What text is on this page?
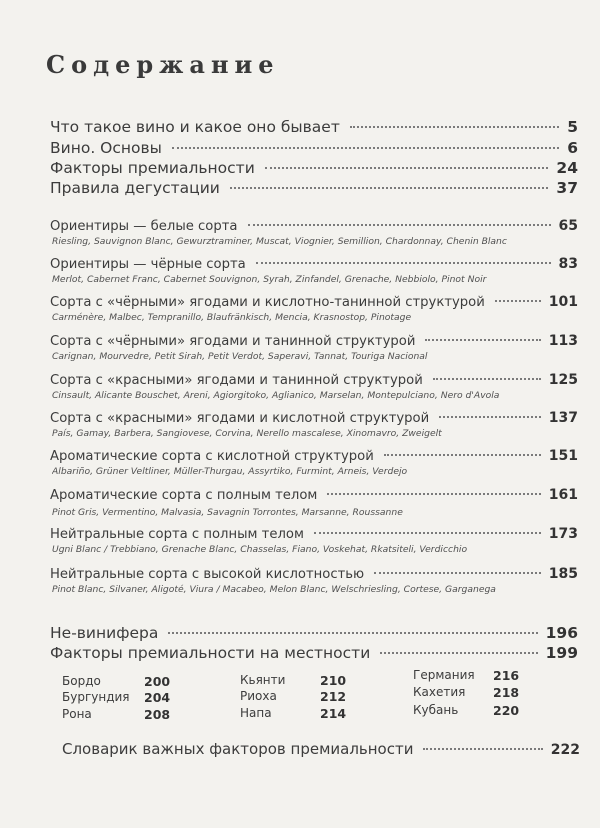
Содержание
Что такое вино и какое оно бывает	5
Вино. Основы	6
Факторы премиальности	24
Правила дегустации	37
Ориентиры — белые сорта	65
Riesling, Sauvignon Blanc, Gewurztraminer, Muscat, Viognier, Semillion, Chardonnay, Chenin Blanc
Ориентиры — чёрные сорта	83
Merlot, Cabernet Franc, Cabernet Souvignon, Syrah, Zinfandel, Grenache, Nebbiolo, Pinot Noir
Сорта с «чёрными» ягодами и кислотно-танинной структурой	101
Carménère, Malbec, Tempranillo, Blaufränkisch, Mencia, Krasnostop, Pinotage
Сорта с «чёрными» ягодами и танинной структурой	113
Carignan, Mourvedre, Petit Sirah, Petit Verdot, Saperavi, Tannat, Touriga Nacional
Сорта с «красными» ягодами и танинной структурой	125
Cinsault, Alicante Bouschet, Areni, Agiorgitoko, Aglianico, Marselan, Montepulciano, Nero d'Avola
Сорта с «красными» ягодами и кислотной структурой	137
País, Gamay, Barbera, Sangiovese, Corvina, Nerello mascalese, Xinomavro, Zweigelt
Ароматические сорта с кислотной структурой	151
Albariño, Grüner Veltliner, Müller-Thurgau, Assyrtiko, Furmint, Arneis, Verdejo
Ароматические сорта с полным телом	161
Pinot Gris, Vermentino, Malvasia, Savagnin Torrontes, Marsanne, Roussanne
Нейтральные сорта с полным телом	173
Ugni Blanc / Trebbiano, Grenache Blanc, Chasselas, Fiano, Voskehat, Rkatsiteli, Verdicchio
Нейтральные сорта с высокой кислотностью	185
Pinot Blanc, Silvaner, Aligoté, Viura / Macabeo, Melon Blanc, Welschriesling, Cortese, Garganega
Не-винифера	196
Факторы премиальности на местности	199
Бордо	200
Бургундия 204
Рона	208
Кьянти	210
Риоха	212
Напа	214
Германия 216
Кахетия 218
Кубань	220
Словарик важных факторов премиальности	222
